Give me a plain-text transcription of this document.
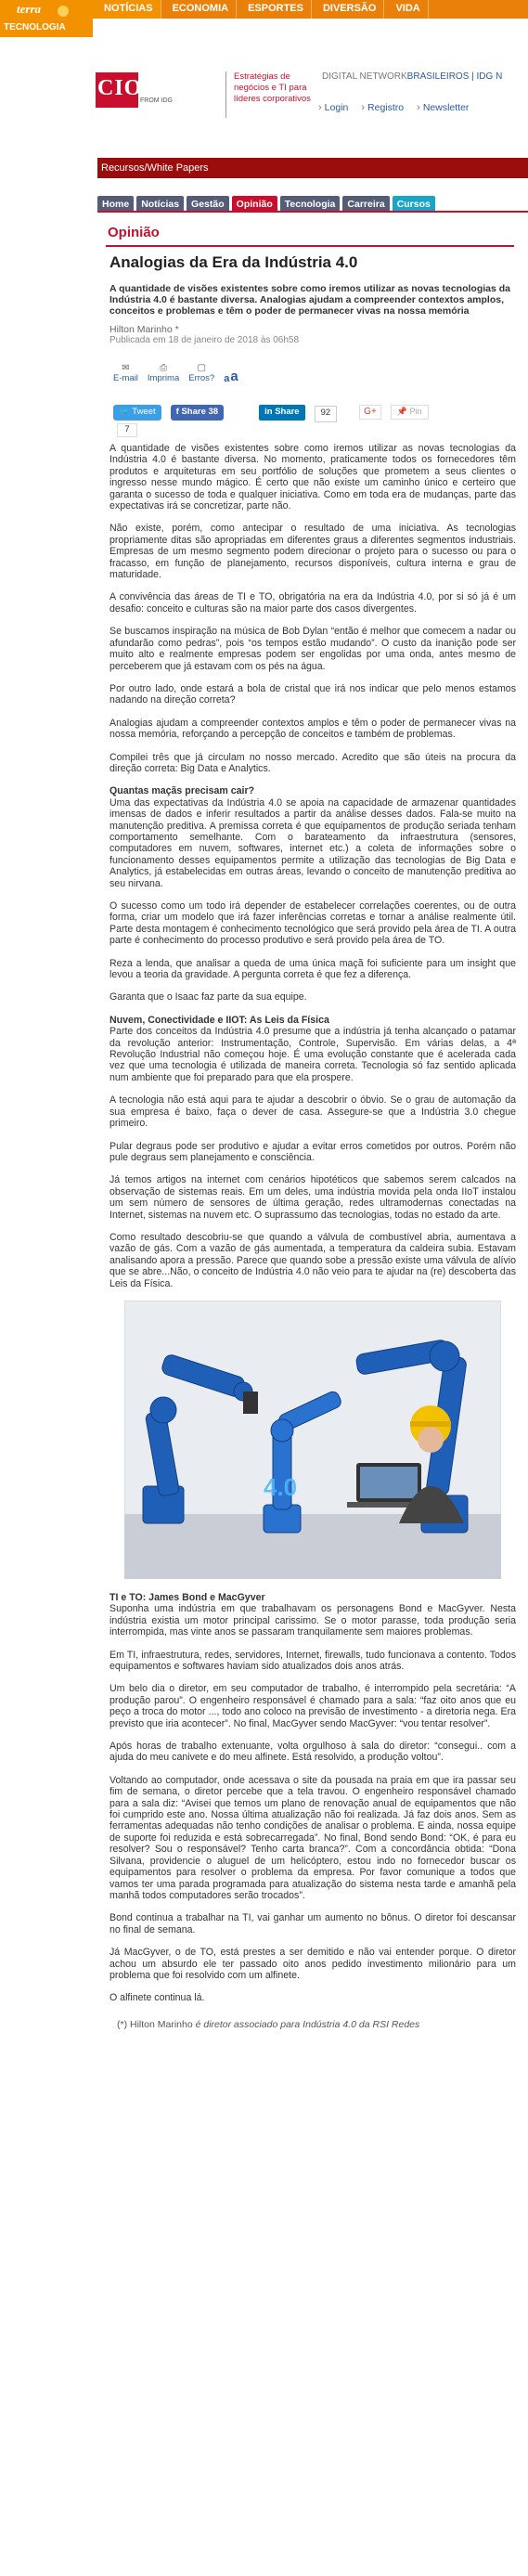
terra
TECNOLOGIA
NOTÍCIAS	ECONOMIA	ESPORTES	DIVERSÃO	VIDA
CIO
FROM IDG
Estratégias de negócios e TI para líderes corporativos
DIGITAL NETWORKBRASILEIROS | IDG N
› Login › Registro › Newsletter
Recursos/White Papers
Home	Notícias	Gestão	Opinião	Tecnologia	Carreira	Cursos
Opinião
Analogias da Era da Indústria 4.0

A quantidade de visões existentes sobre como iremos utilizar as novas tecnologias da Indústria 4.0 é bastante diversa. Analogias ajudam a compreender contextos amplos, conceitos e problemas e têm o poder de permanecer vivas na nossa memória

Hilton Marinho *
Publicada em 18 de janeiro de 2018 às 06h58
✉
E-mail
⎙
Imprima
▢
Erros? a a
🐦 Tweet	f Share 38	in Share	92	G+	📌 Pin
7

A quantidade de visões existentes sobre como iremos utilizar as novas tecnologias da Indústria 4.0 é bastante diversa. No momento, praticamente todos os fornecedores têm produtos e arquiteturas em seu portfólio de soluções que prometem a seus clientes o ingresso nesse mundo mágico. É certo que não existe um caminho único e certeiro que garanta o sucesso de toda e qualquer iniciativa. Como em toda era de mudanças, parte das expectativas irá se concretizar, parte não.

Não existe, porém, como antecipar o resultado de uma iniciativa. As tecnologias propriamente ditas são apropriadas em diferentes graus a diferentes segmentos industriais. Empresas de um mesmo segmento podem direcionar o projeto para o sucesso ou para o fracasso, em função de planejamento, recursos disponíveis, cultura interna e grau de maturidade.

A convivência das áreas de TI e TO, obrigatória na era da Indústria 4.0, por si só já é um desafio: conceito e culturas são na maior parte dos casos divergentes.

Se buscamos inspiração na música de Bob Dylan “então é melhor que comecem a nadar ou afundarão como pedras”, pois “os tempos estão mudando”. O custo da inanição pode ser muito alto e realmente empresas podem ser engolidas por uma onda, antes mesmo de perceberem que já estavam com os pés na água.

Por outro lado, onde estará a bola de cristal que irá nos indicar que pelo menos estamos nadando na direção correta?

Analogias ajudam a compreender contextos amplos e têm o poder de permanecer vivas na nossa memória, reforçando a percepção de conceitos e também de problemas.

Compilei três que já circulam no nosso mercado. Acredito que são úteis na procura da direção correta: Big Data e Analytics.

Quantas maçãs precisam cair?

Uma das expectativas da Indústria 4.0 se apoia na capacidade de armazenar quantidades imensas de dados e inferir resultados a partir da análise desses dados. Fala-se muito na manutenção preditiva. A premissa correta é que equipamentos de produção seriada tenham comportamento semelhante. Com o barateamento da infraestrutura (sensores, computadores em nuvem, softwares, internet etc.) a coleta de informações sobre o funcionamento desses equipamentos permite a utilização das tecnologias de Big Data e Analytics, já estabelecidas em outras áreas, levando o conceito de manutenção preditiva ao seu nirvana.

O sucesso como um todo irá depender de estabelecer correlações coerentes, ou de outra forma, criar um modelo que irá fazer inferências corretas e tornar a análise realmente útil. Parte desta montagem é conhecimento tecnológico que será provido pela área de TI. A outra parte é conhecimento do processo produtivo e será provido pela área de TO.

Reza a lenda, que analisar a queda de uma única maçã foi suficiente para um insight que levou a teoria da gravidade. A pergunta correta é que fez a diferença.

Garanta que o Isaac faz parte da sua equipe.

Nuvem, Conectividade e IIOT: As Leis da Física

Parte dos conceitos da Indústria 4.0 presume que a indústria já tenha alcançado o patamar da revolução anterior: Instrumentação, Controle, Supervisão. Em várias delas, a 4ª Revolução Industrial não começou hoje. É uma evolução constante que é acelerada cada vez que uma tecnologia é utilizada de maneira correta. Tecnologia só faz sentido aplicada num ambiente que foi preparado para que ela prospere.

A tecnologia não está aqui para te ajudar a descobrir o óbvio. Se o grau de automação da sua empresa é baixo, faça o dever de casa. Assegure-se que a Indústria 3.0 chegue primeiro.

Pular degraus pode ser produtivo e ajudar a evitar erros cometidos por outros. Porém não pule degraus sem planejamento e consciência.

Já temos artigos na internet com cenários hipotéticos que sabemos serem calcados na observação de sistemas reais. Em um deles, uma indústria movida pela onda IIoT instalou um sem número de sensores de última geração, redes ultramodernas conectadas na Internet, sistemas na nuvem etc. O suprassumo das tecnologias, todas no estado da arte.

Como resultado descobriu-se que quando a válvula de combustível abria, aumentava a vazão de gás. Com a vazão de gás aumentada, a temperatura da caldeira subia. Estavam analisando apora a pressão. Parece que quando sobe a pressão existe uma válvula de alívio que se abre...Não, o conceito de Indústria 4.0 não veio para te ajudar na (re) descoberta das Leis da Física.

4.0
TI e TO: James Bond e MacGyver

Suponha uma indústria em que trabalhavam os personagens Bond e MacGyver. Nesta indústria existia um motor principal carissimo. Se o motor parasse, toda produção seria interrompida, mas vinte anos se passaram tranquilamente sem maiores problemas.

Em TI, infraestrutura, redes, servidores, Internet, firewalls, tudo funcionava a contento. Todos equipamentos e softwares haviam sido atualizados dois anos atrás.

Um belo dia o diretor, em seu computador de trabalho, é interrompido pela secretária: “A produção parou”. O engenheiro responsável é chamado para a sala: “faz oito anos que eu peço a troca do motor ..., todo ano coloco na previsão de investimento - a diretoria nega. Era previsto que iria acontecer”. No final, MacGyver sendo MacGyver: “vou tentar resolver”.

Após horas de trabalho extenuante, volta orgulhoso à sala do diretor: “consegui.. com a ajuda do meu canivete e do meu alfinete. Está resolvido, a produção voltou”.

Voltando ao computador, onde acessava o site da pousada na praia em que ira passar seu fim de semana, o diretor percebe que a tela travou. O engenheiro responsável chamado para a sala diz: “Avisei que temos um plano de renovação anual de equipamentos que não foi cumprido este ano. Nossa última atualização não foi realizada. Já faz dois anos. Sem as ferramentas adequadas não tenho condições de analisar o problema. E ainda, nossa equipe de suporte foi reduzida e está sobrecarregada”. No final, Bond sendo Bond: “OK, é para eu resolver? Sou o responsável? Tenho carta branca?”. Com a concordância obtida: “Dona Silvana, providencie o aluguel de um helicóptero, estou indo no fornecedor buscar os equipamentos para resolver o problema da empresa. Por favor comunique a todos que vamos ter uma parada programada para atualização do sistema nesta tarde e amanhã pela manhã todos computadores serão trocados”.

Bond continua a trabalhar na TI, vai ganhar um aumento no bônus. O diretor foi descansar no final de semana.

Já MacGyver, o de TO, está prestes a ser demitido e não vai entender porque. O diretor achou um absurdo ele ter passado oito anos pedido investimento milionário para um problema que foi resolvido com um alfinete.

O alfinete continua lá.

(*) Hilton Marinho é diretor associado para Indústria 4.0 da RSI Redes
